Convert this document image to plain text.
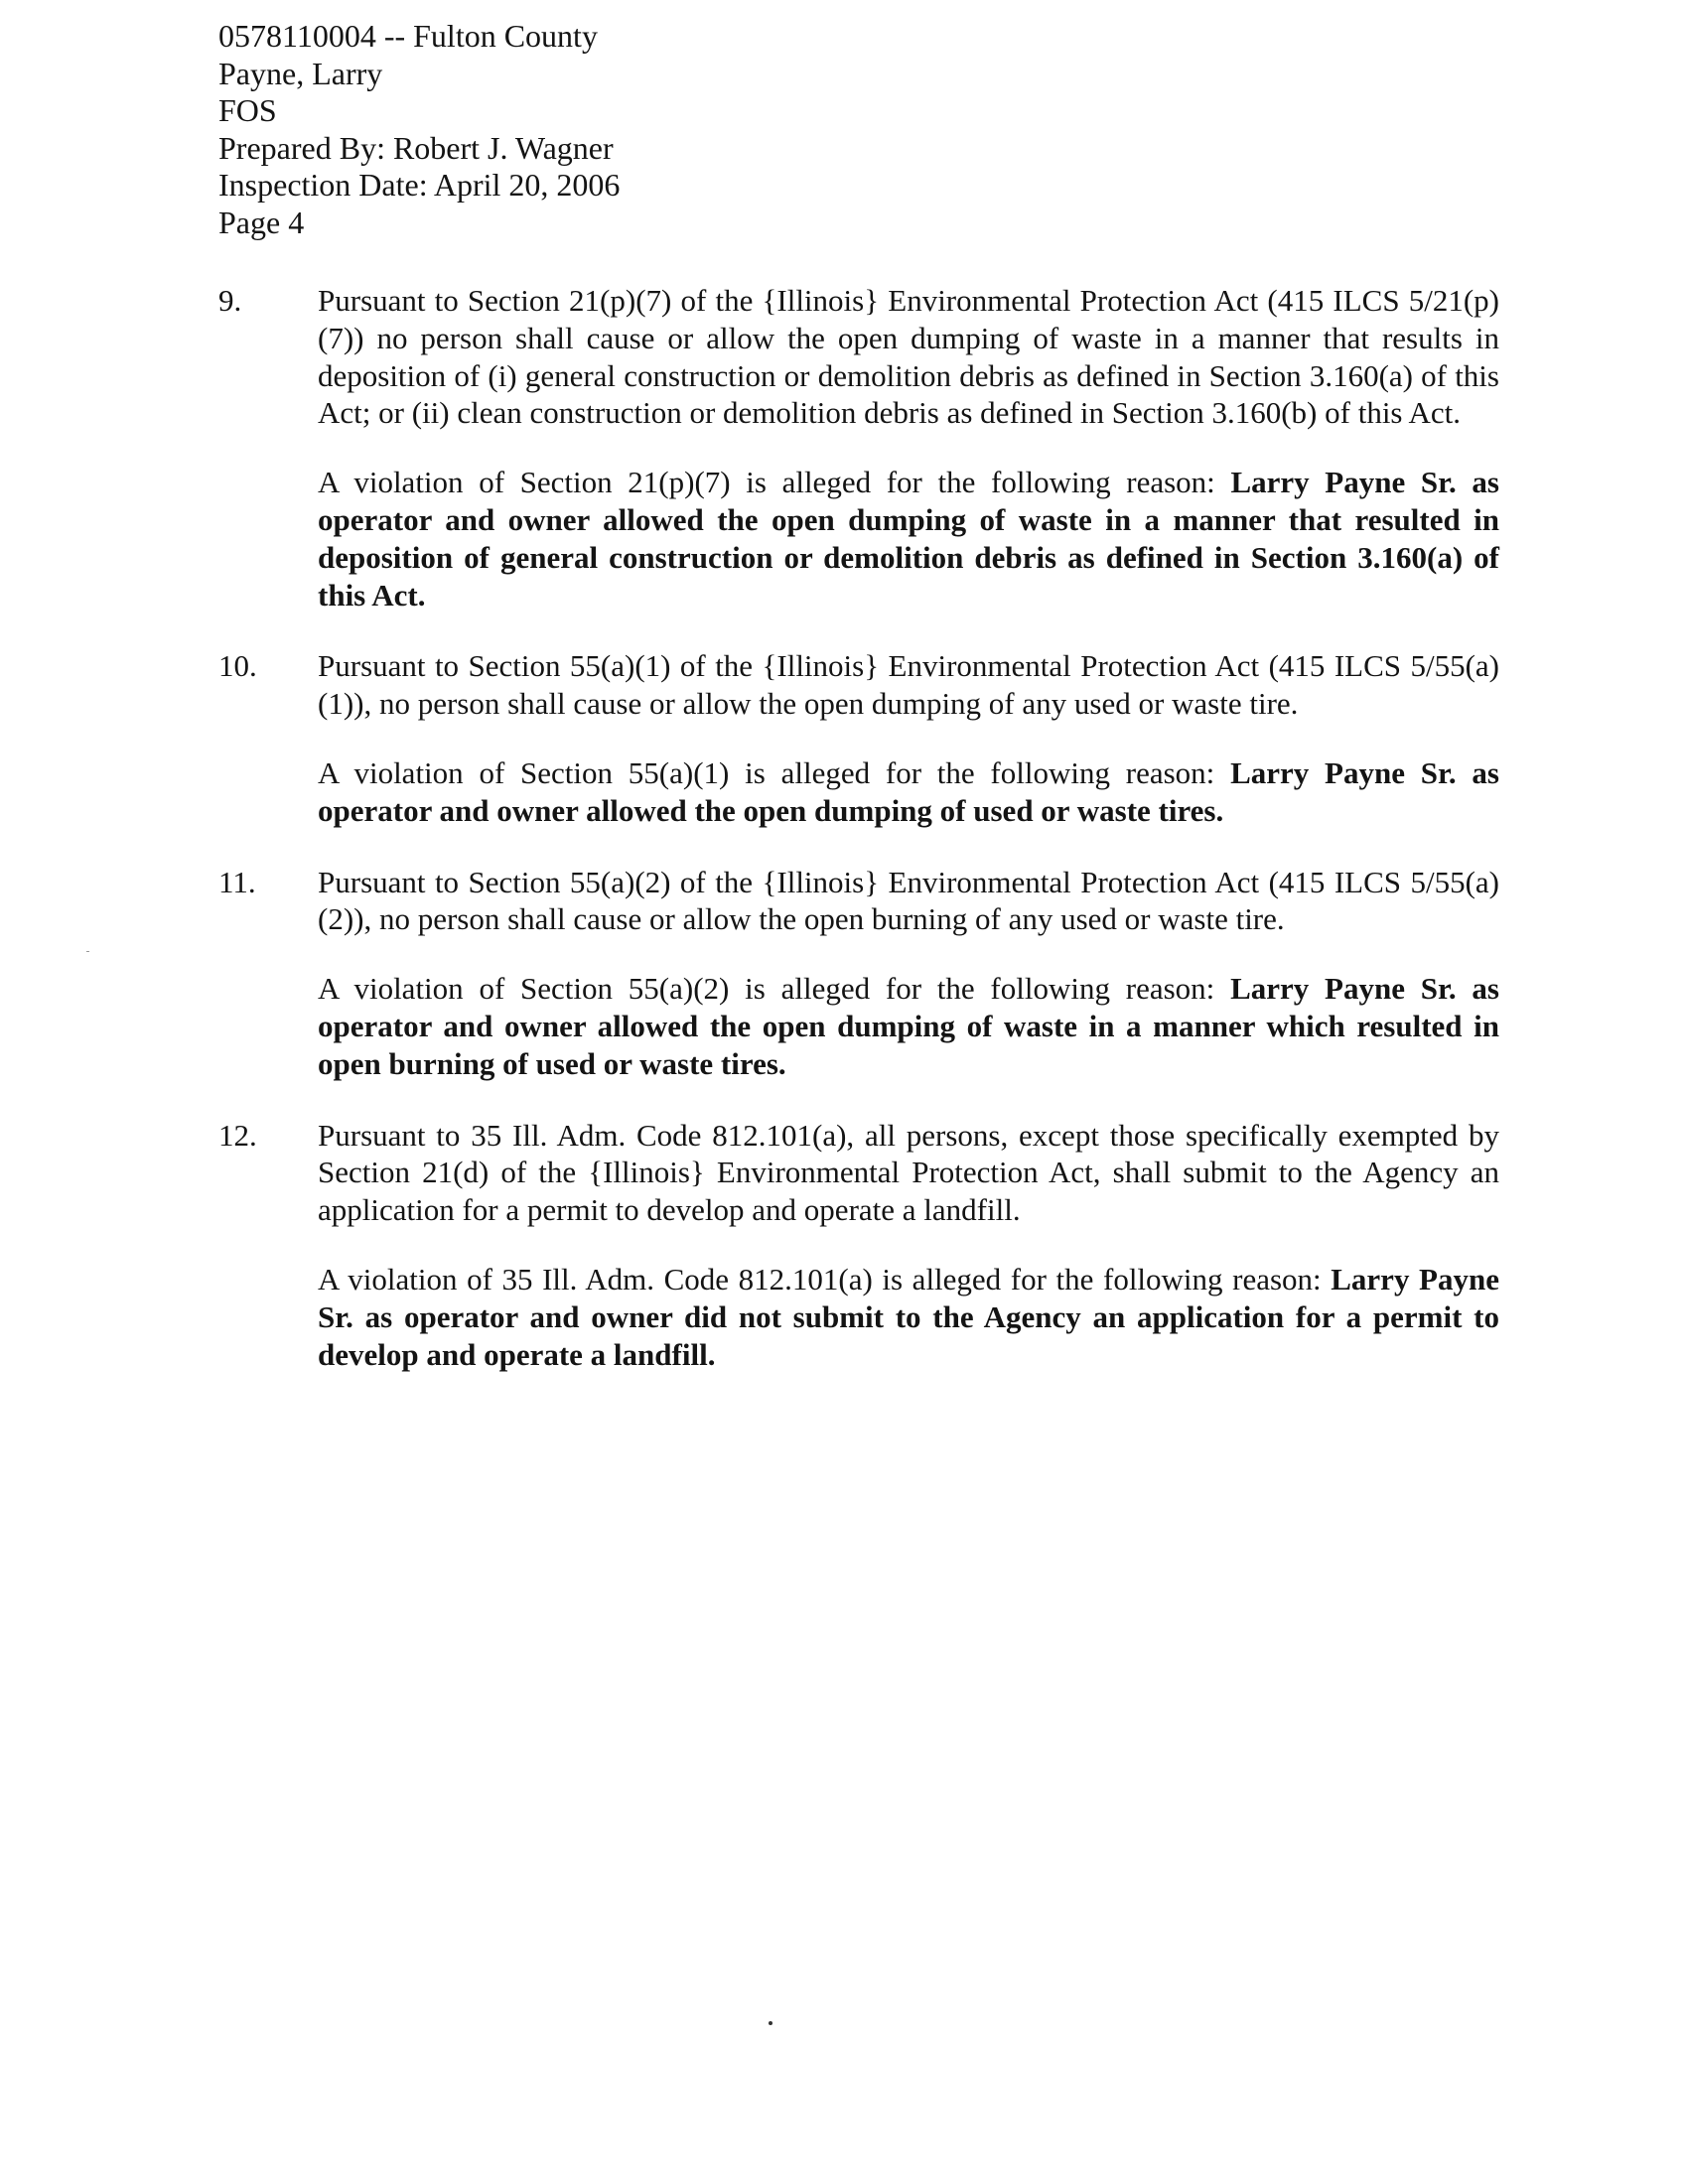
0578110004 -- Fulton County
Payne, Larry
FOS
Prepared By: Robert J. Wagner
Inspection Date: April 20, 2006
Page 4
9. Pursuant to Section 21(p)(7) of the {Illinois} Environmental Protection Act (415 ILCS 5/21(p)(7)) no person shall cause or allow the open dumping of waste in a manner that results in deposition of (i) general construction or demolition debris as defined in Section 3.160(a) of this Act; or (ii) clean construction or demolition debris as defined in Section 3.160(b) of this Act.

A violation of Section 21(p)(7) is alleged for the following reason: Larry Payne Sr. as operator and owner allowed the open dumping of waste in a manner that resulted in deposition of general construction or demolition debris as defined in Section 3.160(a) of this Act.

10. Pursuant to Section 55(a)(1) of the {Illinois} Environmental Protection Act (415 ILCS 5/55(a)(1)), no person shall cause or allow the open dumping of any used or waste tire.

A violation of Section 55(a)(1) is alleged for the following reason: Larry Payne Sr. as operator and owner allowed the open dumping of used or waste tires.

11. Pursuant to Section 55(a)(2) of the {Illinois} Environmental Protection Act (415 ILCS 5/55(a)(2)), no person shall cause or allow the open burning of any used or waste tire.

A violation of Section 55(a)(2) is alleged for the following reason: Larry Payne Sr. as operator and owner allowed the open dumping of waste in a manner which resulted in open burning of used or waste tires.

12. Pursuant to 35 Ill. Adm. Code 812.101(a), all persons, except those specifically exempted by Section 21(d) of the {Illinois} Environmental Protection Act, shall submit to the Agency an application for a permit to develop and operate a landfill.

A violation of 35 Ill. Adm. Code 812.101(a) is alleged for the following reason: Larry Payne Sr. as operator and owner did not submit to the Agency an application for a permit to develop and operate a landfill.
